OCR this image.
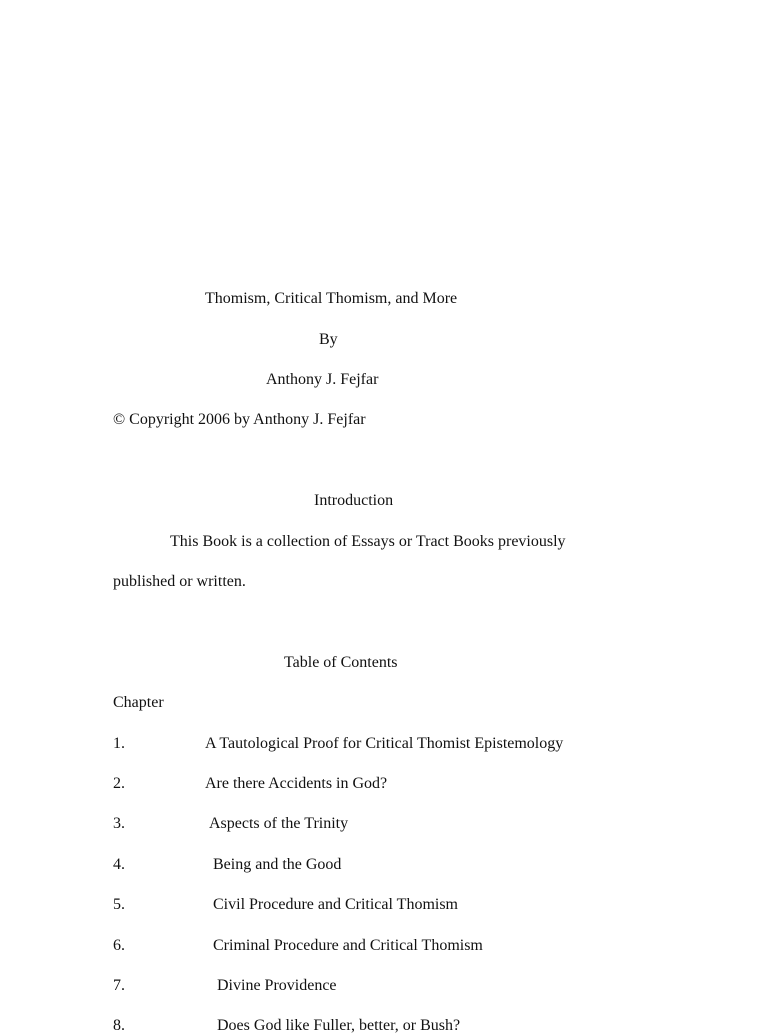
Thomism, Critical Thomism, and More
By
Anthony J. Fejfar
© Copyright 2006 by Anthony J. Fejfar
Introduction
This Book is a collection of Essays or Tract Books previously
published or written.
Table of Contents
Chapter
1.	A Tautological Proof for Critical Thomist Epistemology
2.	Are there Accidents in God?
3.	Aspects of the Trinity
4.	Being and the Good
5.	Civil Procedure and Critical Thomism
6.	Criminal Procedure and Critical Thomism
7.	Divine Providence
8.	Does God like Fuller, better, or Bush?
